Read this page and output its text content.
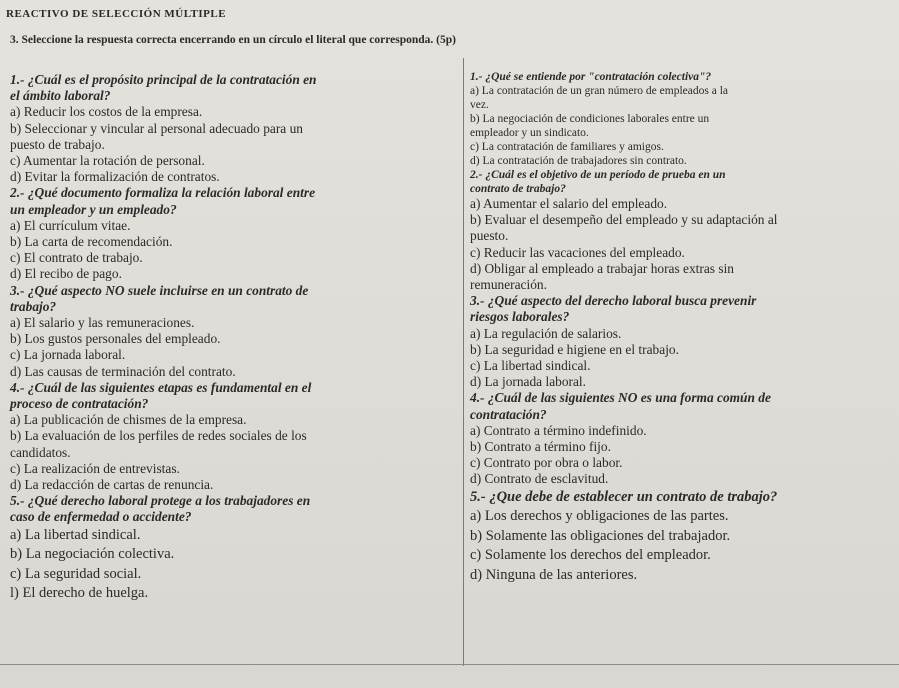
REACTIVO DE SELECCIÓN MÚLTIPLE
3. Seleccione la respuesta correcta encerrando en un círculo el literal que corresponda. (5p)
1.- ¿Cuál es el propósito principal de la contratación en
el ámbito laboral?
a) Reducir los costos de la empresa.
b) Seleccionar y vincular al personal adecuado para un
puesto de trabajo.
c) Aumentar la rotación de personal.
d) Evitar la formalización de contratos.
2.- ¿Qué documento formaliza la relación laboral entre
un empleador y un empleado?
a) El currículum vitae.
b) La carta de recomendación.
c) El contrato de trabajo.
d) El recibo de pago.
3.- ¿Qué aspecto NO suele incluirse en un contrato de
trabajo?
a) El salario y las remuneraciones.
b) Los gustos personales del empleado.
c) La jornada laboral.
d) Las causas de terminación del contrato.
4.- ¿Cuál de las siguientes etapas es fundamental en el
proceso de contratación?
a) La publicación de chismes de la empresa.
b) La evaluación de los perfiles de redes sociales de los
candidatos.
c) La realización de entrevistas.
d) La redacción de cartas de renuncia.
5.- ¿Qué derecho laboral protege a los trabajadores en
caso de enfermedad o accidente?
a) La libertad sindical.
b) La negociación colectiva.
c) La seguridad social.
l) El derecho de huelga.
1.- ¿Qué se entiende por "contratación colectiva"?
a) La contratación de un gran número de empleados a la
vez.
b) La negociación de condiciones laborales entre un
empleador y un sindicato.
c) La contratación de familiares y amigos.
d) La contratación de trabajadores sin contrato.
2.- ¿Cuál es el objetivo de un período de prueba en un
contrato de trabajo?
a) Aumentar el salario del empleado.
b) Evaluar el desempeño del empleado y su adaptación al
puesto.
c) Reducir las vacaciones del empleado.
d) Obligar al empleado a trabajar horas extras sin
remuneración.
3.- ¿Qué aspecto del derecho laboral busca prevenir
riesgos laborales?
a) La regulación de salarios.
b) La seguridad e higiene en el trabajo.
c) La libertad sindical.
d) La jornada laboral.
4.- ¿Cuál de las siguientes NO es una forma común de
contratación?
a) Contrato a término indefinido.
b) Contrato a término fijo.
c) Contrato por obra o labor.
d) Contrato de esclavitud.
5.- ¿Que debe de establecer un contrato de trabajo?
a) Los derechos y obligaciones de las partes.
b) Solamente las obligaciones del trabajador.
c) Solamente los derechos del empleador.
d) Ninguna de las anteriores.
